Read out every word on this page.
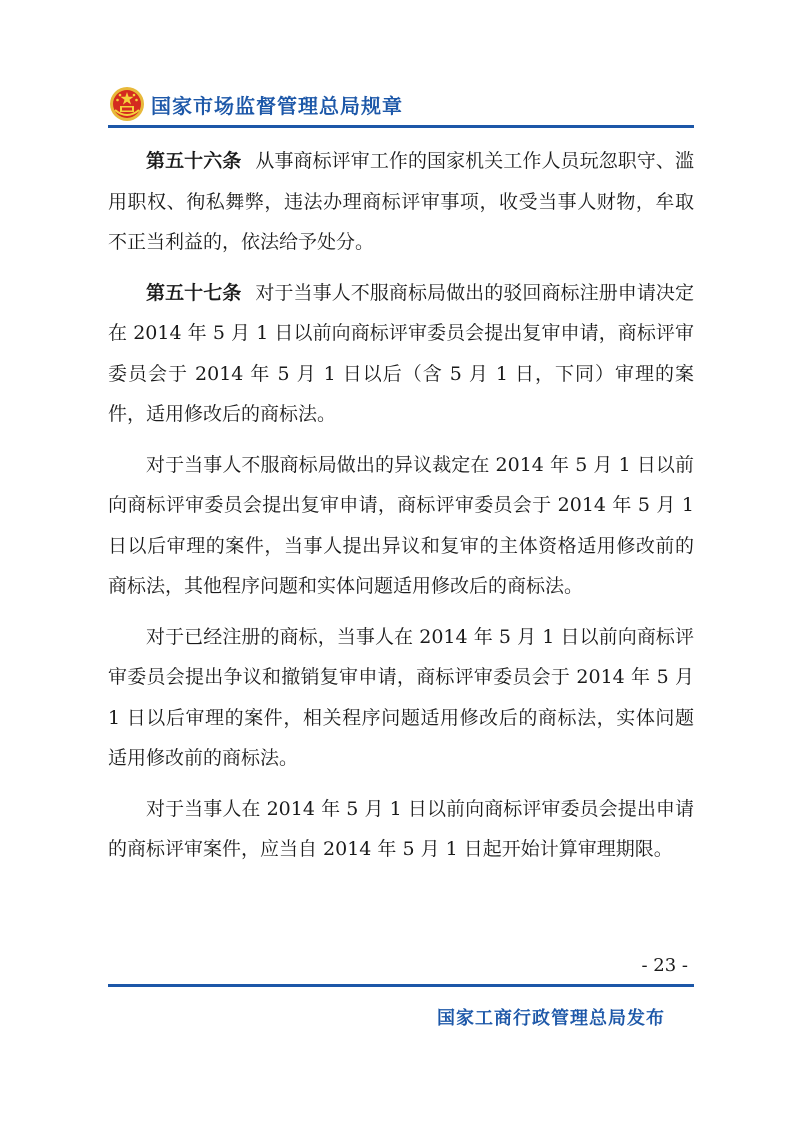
国家市场监督管理总局规章

第五十六条 从事商标评审工作的国家机关工作人员玩忽职守、滥用职权、徇私舞弊，违法办理商标评审事项，收受当事人财物，牟取不正当利益的，依法给予处分。

第五十七条 对于当事人不服商标局做出的驳回商标注册申请决定在 2014 年 5 月 1 日以前向商标评审委员会提出复审申请，商标评审委员会于 2014 年 5 月 1 日以后（含 5 月 1 日，下同）审理的案件，适用修改后的商标法。

对于当事人不服商标局做出的异议裁定在 2014 年 5 月 1 日以前向商标评审委员会提出复审申请，商标评审委员会于 2014 年 5 月 1 日以后审理的案件，当事人提出异议和复审的主体资格适用修改前的商标法，其他程序问题和实体问题适用修改后的商标法。

对于已经注册的商标，当事人在 2014 年 5 月 1 日以前向商标评审委员会提出争议和撤销复审申请，商标评审委员会于 2014 年 5 月 1 日以后审理的案件，相关程序问题适用修改后的商标法，实体问题适用修改前的商标法。

对于当事人在 2014 年 5 月 1 日以前向商标评审委员会提出申请的商标评审案件，应当自 2014 年 5 月 1 日起开始计算审理期限。

- 23 -
国家工商行政管理总局发布
